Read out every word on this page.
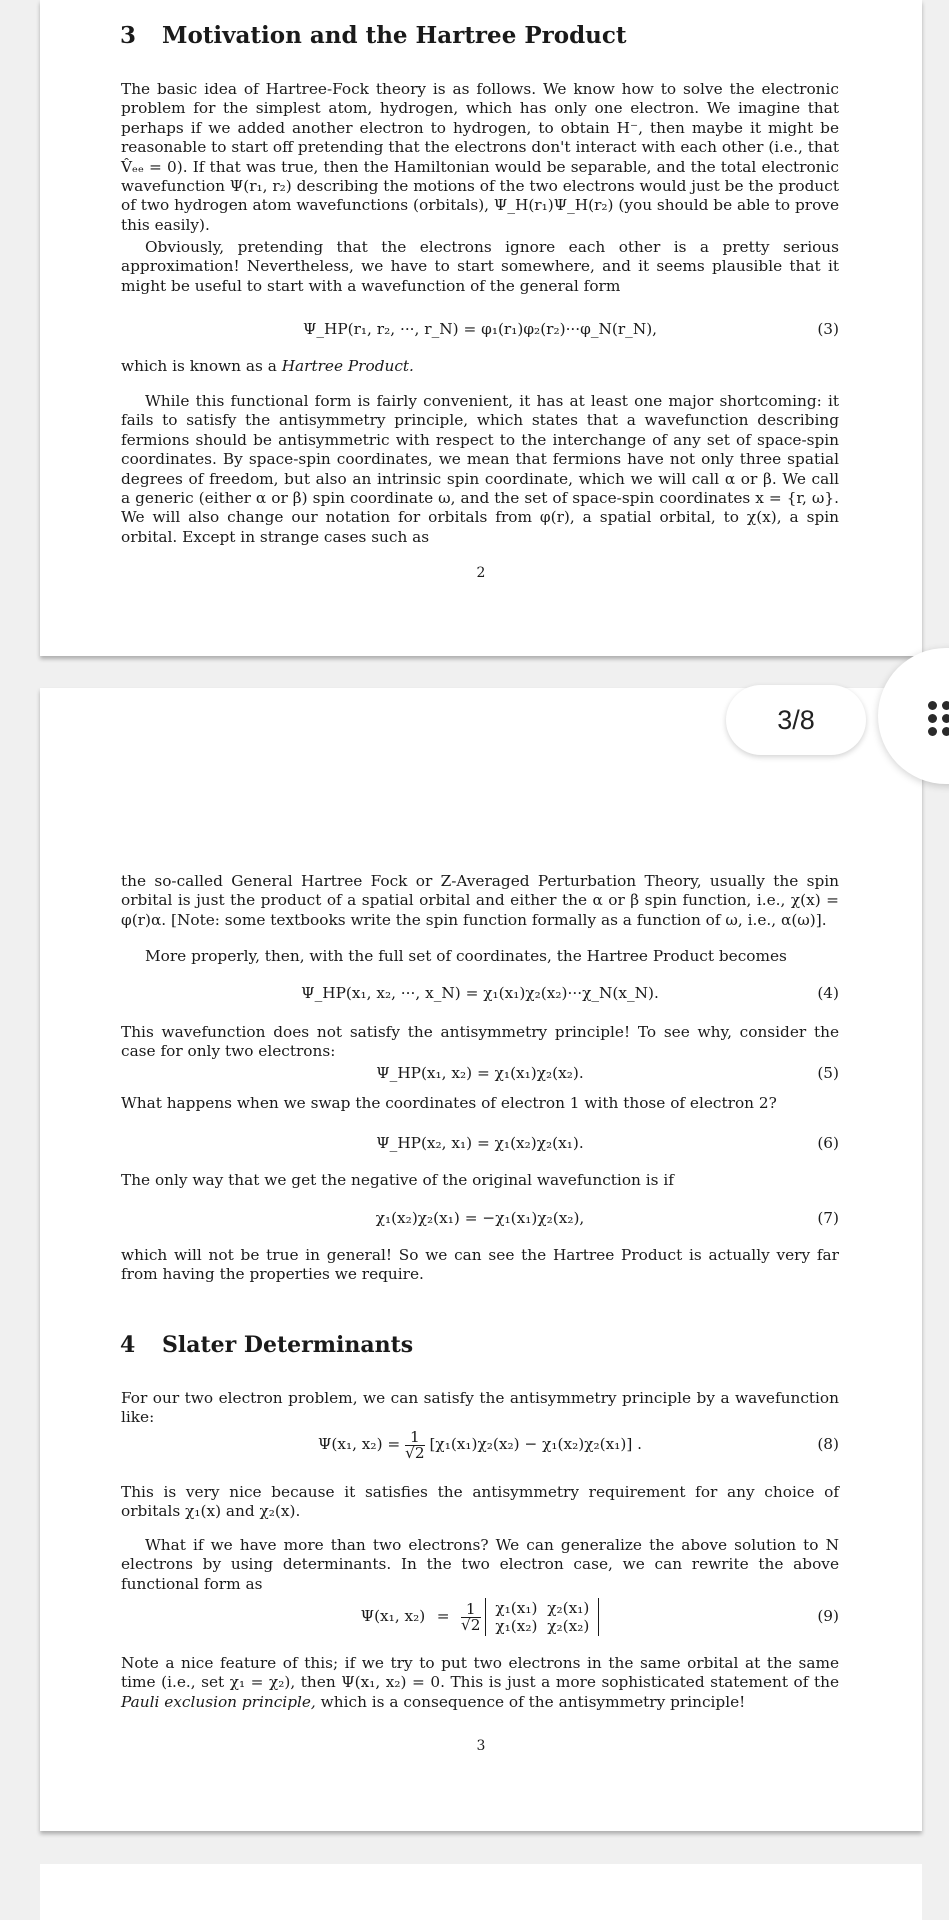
3 Motivation and the Hartree Product

The basic idea of Hartree-Fock theory is as follows. We know how to solve the electronic problem for the simplest atom, hydrogen, which has only one electron. We imagine that perhaps if we added another electron to hydrogen, to obtain H⁻, then maybe it might be reasonable to start off pretending that the electrons don't interact with each other (i.e., that V̂ₑₑ = 0). If that was true, then the Hamiltonian would be separable, and the total electronic wavefunction Ψ(r₁, r₂) describing the motions of the two electrons would just be the product of two hydrogen atom wavefunctions (orbitals), Ψ_H(r₁)Ψ_H(r₂) (you should be able to prove this easily).

Obviously, pretending that the electrons ignore each other is a pretty serious approximation! Nevertheless, we have to start somewhere, and it seems plausible that it might be useful to start with a wavefunction of the general form

Ψ_HP(r₁, r₂, ···, r_N) = φ₁(r₁)φ₂(r₂)···φ_N(r_N),	(3)

which is known as a Hartree Product.

While this functional form is fairly convenient, it has at least one major shortcoming: it fails to satisfy the antisymmetry principle, which states that a wavefunction describing fermions should be antisymmetric with respect to the interchange of any set of space-spin coordinates. By space-spin coordinates, we mean that fermions have not only three spatial degrees of freedom, but also an intrinsic spin coordinate, which we will call α or β. We call a generic (either α or β) spin coordinate ω, and the set of space-spin coordinates x = {r, ω}. We will also change our notation for orbitals from φ(r), a spatial orbital, to χ(x), a spin orbital. Except in strange cases such as

2

the so-called General Hartree Fock or Z-Averaged Perturbation Theory, usually the spin orbital is just the product of a spatial orbital and either the α or β spin function, i.e., χ(x) = φ(r)α. [Note: some textbooks write the spin function formally as a function of ω, i.e., α(ω)].

More properly, then, with the full set of coordinates, the Hartree Product becomes

Ψ_HP(x₁, x₂, ···, x_N) = χ₁(x₁)χ₂(x₂)···χ_N(x_N).	(4)

This wavefunction does not satisfy the antisymmetry principle! To see why, consider the case for only two electrons:

Ψ_HP(x₁, x₂) = χ₁(x₁)χ₂(x₂).	(5)

What happens when we swap the coordinates of electron 1 with those of electron 2?

Ψ_HP(x₂, x₁) = χ₁(x₂)χ₂(x₁).	(6)

The only way that we get the negative of the original wavefunction is if

χ₁(x₂)χ₂(x₁) = −χ₁(x₁)χ₂(x₂),	(7)

which will not be true in general! So we can see the Hartree Product is actually very far from having the properties we require.

4 Slater Determinants

For our two electron problem, we can satisfy the antisymmetry principle by a wavefunction like:

Ψ(x₁, $x_2) = \frac{1}{√2} [\chi_1(x_1)\chi_2(x_2) - \chi_1(x_2)\chi_2(x_1)]$ .	(8)

This is very nice because it satisfies the antisymmetry requirement for any choice of orbitals χ₁(x) and χ₂(x).

What if we have more than two electrons? We can generalize the above solution to N electrons by using determinants. In the two electron case, we can rewrite the above functional form as

Ψ(x₁, $x_2) = \frac{1}{√2}$
χ₁(x₁) χ₂(x₁)
χ₁(x₂) χ₂(x₂)
(9)

Note a nice feature of this; if we try to put two electrons in the same orbital at the same time (i.e., set χ₁ = χ₂), then Ψ(x₁, x₂) = 0. This is just a more sophisticated statement of the Pauli exclusion principle, which is a consequence of the antisymmetry principle!

3

3/8
